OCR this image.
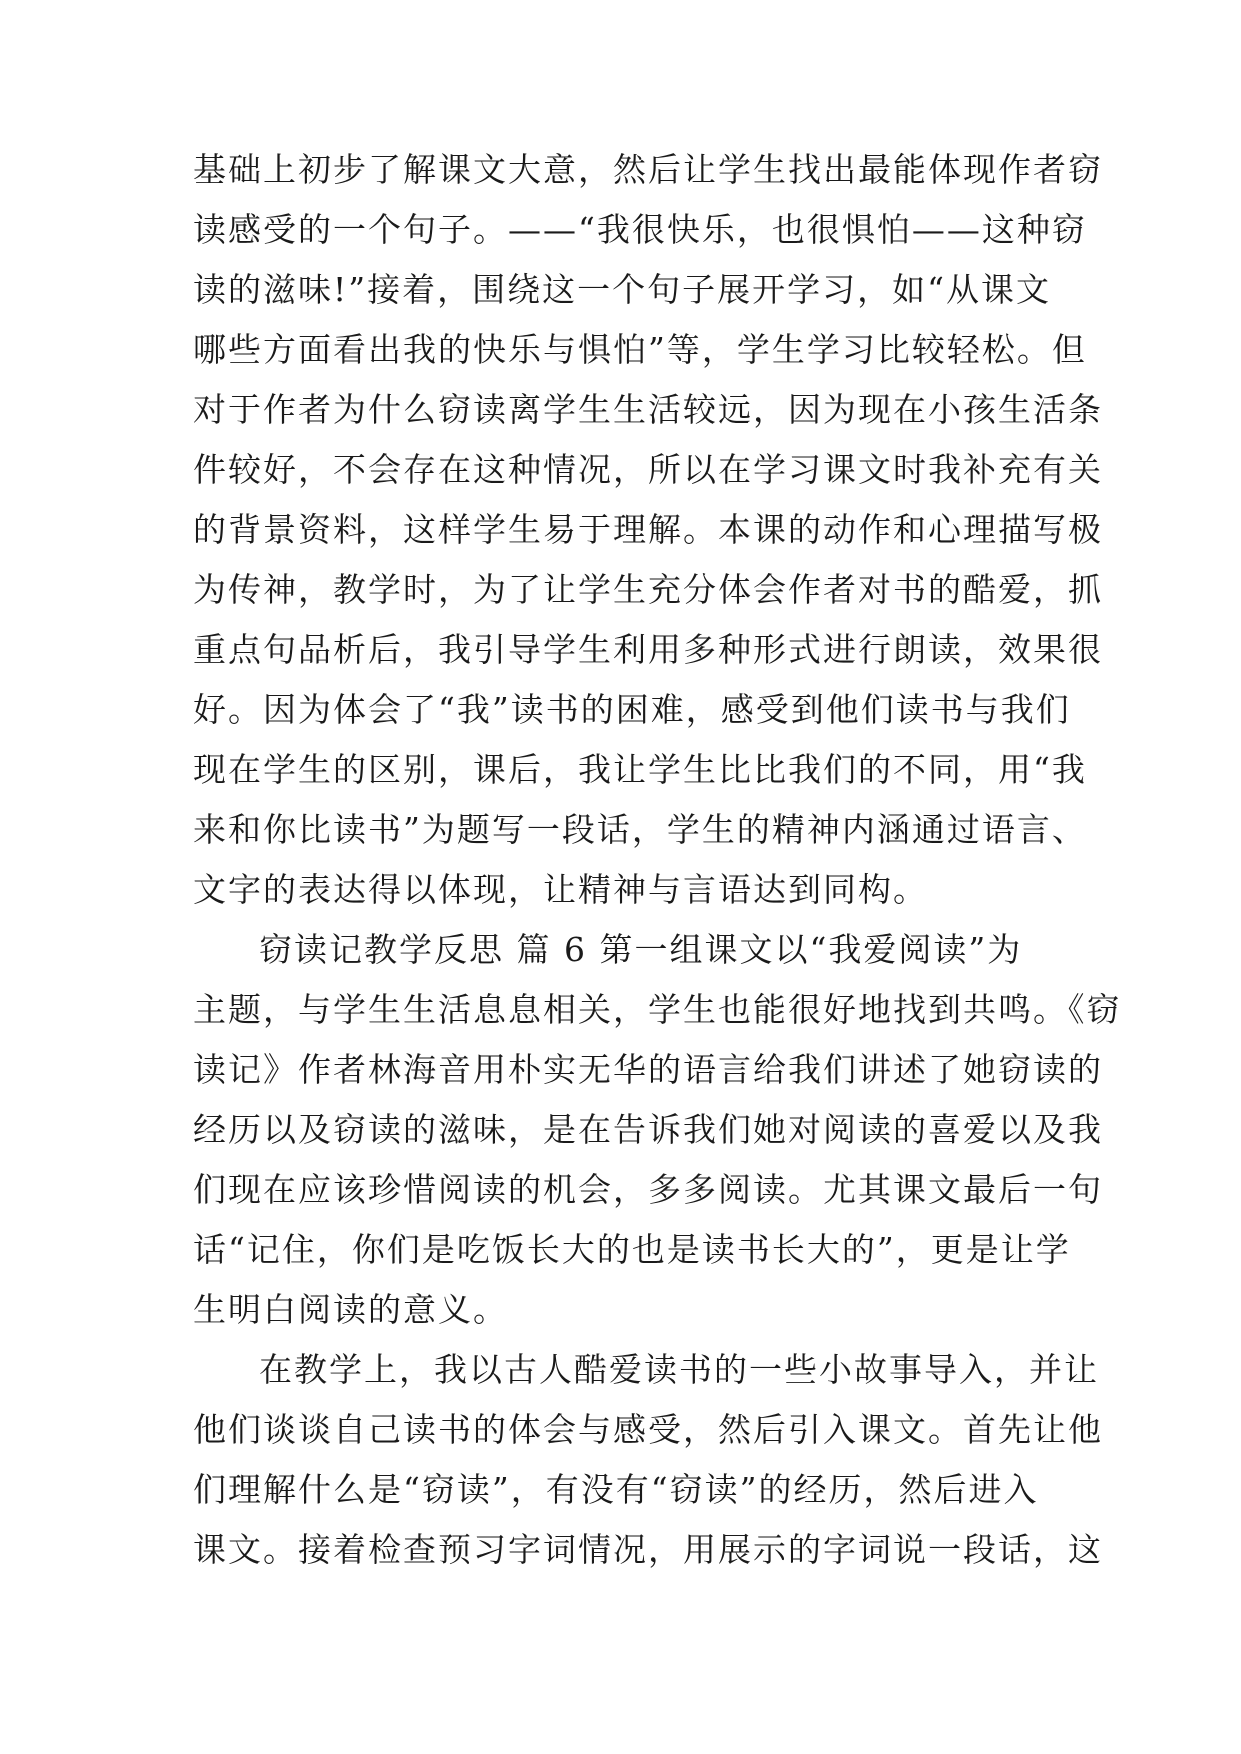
基础上初步了解课文大意，然后让学生找出最能体现作者窃
读感受的一个句子。——“我很快乐，也很惧怕——这种窃
读的滋味!”接着，围绕这一个句子展开学习，如“从课文
哪些方面看出我的快乐与惧怕”等，学生学习比较轻松。但
对于作者为什么窃读离学生生活较远，因为现在小孩生活条
件较好，不会存在这种情况，所以在学习课文时我补充有关
的背景资料，这样学生易于理解。本课的动作和心理描写极
为传神，教学时，为了让学生充分体会作者对书的酷爱，抓
重点句品析后，我引导学生利用多种形式进行朗读，效果很
好。因为体会了“我”读书的困难，感受到他们读书与我们
现在学生的区别，课后，我让学生比比我们的不同，用“我
来和你比读书”为题写一段话，学生的精神内涵通过语言、
文字的表达得以体现，让精神与言语达到同构。
窃读记教学反思 篇 6 第一组课文以“我爱阅读”为
主题，与学生生活息息相关，学生也能很好地找到共鸣。《窃
读记》作者林海音用朴实无华的语言给我们讲述了她窃读的
经历以及窃读的滋味，是在告诉我们她对阅读的喜爱以及我
们现在应该珍惜阅读的机会，多多阅读。尤其课文最后一句
话“记住，你们是吃饭长大的也是读书长大的”，更是让学
生明白阅读的意义。
在教学上，我以古人酷爱读书的一些小故事导入，并让
他们谈谈自己读书的体会与感受，然后引入课文。首先让他
们理解什么是“窃读”，有没有“窃读”的经历，然后进入
课文。接着检查预习字词情况，用展示的字词说一段话，这
